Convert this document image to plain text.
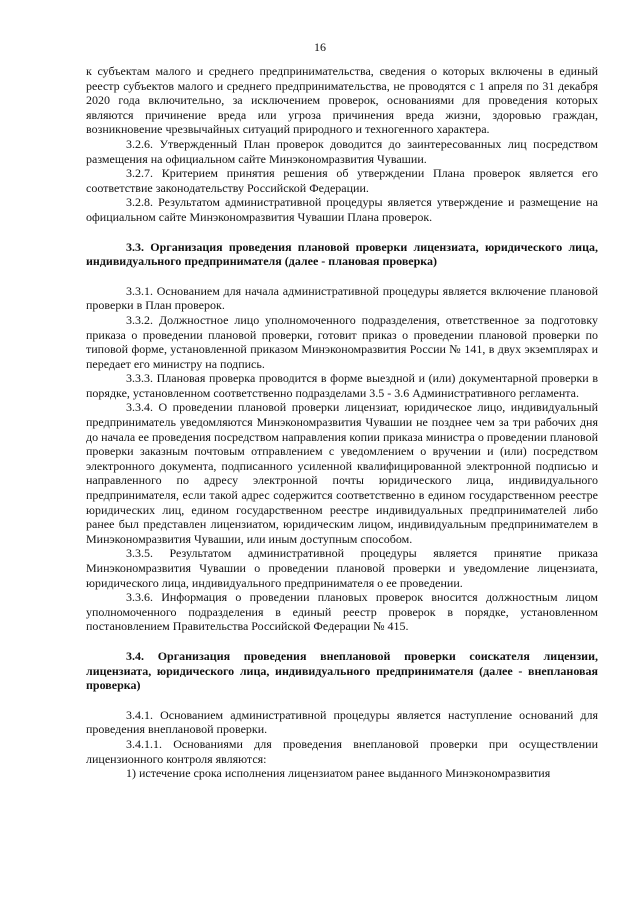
16

к субъектам малого и среднего предпринимательства, сведения о которых включены в единый реестр субъектов малого и среднего предпринимательства, не проводятся с 1 апреля по 31 декабря 2020 года включительно, за исключением проверок, основаниями для проведения которых являются причинение вреда или угроза причинения вреда жизни, здоровью граждан, возникновение чрезвычайных ситуаций природного и техногенного характера.

3.2.6. Утвержденный План проверок доводится до заинтересованных лиц посредством размещения на официальном сайте Минэкономразвития Чувашии.

3.2.7. Критерием принятия решения об утверждении Плана проверок является его соответствие законодательству Российской Федерации.

3.2.8. Результатом административной процедуры является утверждение и размещение на официальном сайте Минэкономразвития Чувашии Плана проверок.

3.3. Организация проведения плановой проверки лицензиата, юридического лица, индивидуального предпринимателя (далее - плановая проверка)

3.3.1. Основанием для начала административной процедуры является включение плановой проверки в План проверок.

3.3.2. Должностное лицо уполномоченного подразделения, ответственное за подготовку приказа о проведении плановой проверки, готовит приказ о проведении плановой проверки по типовой форме, установленной приказом Минэкономразвития России № 141, в двух экземплярах и передает его министру на подпись.

3.3.3. Плановая проверка проводится в форме выездной и (или) документарной проверки в порядке, установленном соответственно подразделами 3.5 - 3.6 Административного регламента.

3.3.4. О проведении плановой проверки лицензиат, юридическое лицо, индивидуальный предприниматель уведомляются Минэкономразвития Чувашии не позднее чем за три рабочих дня до начала ее проведения посредством направления копии приказа министра о проведении плановой проверки заказным почтовым отправлением с уведомлением о вручении и (или) посредством электронного документа, подписанного усиленной квалифицированной электронной подписью и направленного по адресу электронной почты юридического лица, индивидуального предпринимателя, если такой адрес содержится соответственно в едином государственном реестре юридических лиц, едином государственном реестре индивидуальных предпринимателей либо ранее был представлен лицензиатом, юридическим лицом, индивидуальным предпринимателем в Минэкономразвития Чувашии, или иным доступным способом.

3.3.5. Результатом административной процедуры является принятие приказа Минэкономразвития Чувашии о проведении плановой проверки и уведомление лицензиата, юридического лица, индивидуального предпринимателя о ее проведении.

3.3.6. Информация о проведении плановых проверок вносится должностным лицом уполномоченного подразделения в единый реестр проверок в порядке, установленном постановлением Правительства Российской Федерации № 415.

3.4. Организация проведения внеплановой проверки соискателя лицензии, лицензиата, юридического лица, индивидуального предпринимателя (далее - внеплановая проверка)

3.4.1. Основанием административной процедуры является наступление оснований для проведения внеплановой проверки.

3.4.1.1. Основаниями для проведения внеплановой проверки при осуществлении лицензионного контроля являются:

1) истечение срока исполнения лицензиатом ранее выданного Минэкономразвития
